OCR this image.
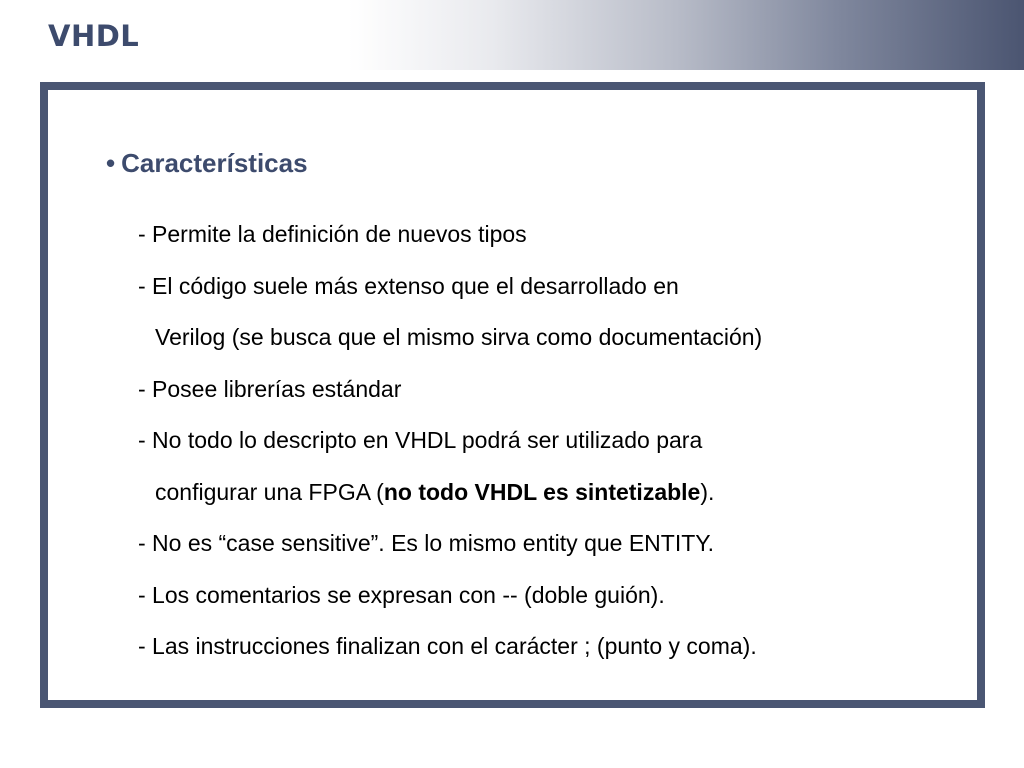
VHDL
• Características
- Permite la definición de nuevos tipos
- El código suele más extenso que el desarrollado en
Verilog (se busca que el mismo sirva como documentación)
- Posee librerías estándar
- No todo lo descripto en VHDL podrá ser utilizado para
configurar una FPGA (no todo VHDL es sintetizable).
- No es “case sensitive”. Es lo mismo entity que ENTITY.
- Los comentarios se expresan con -- (doble guión).
- Las instrucciones finalizan con el carácter ; (punto y coma).
